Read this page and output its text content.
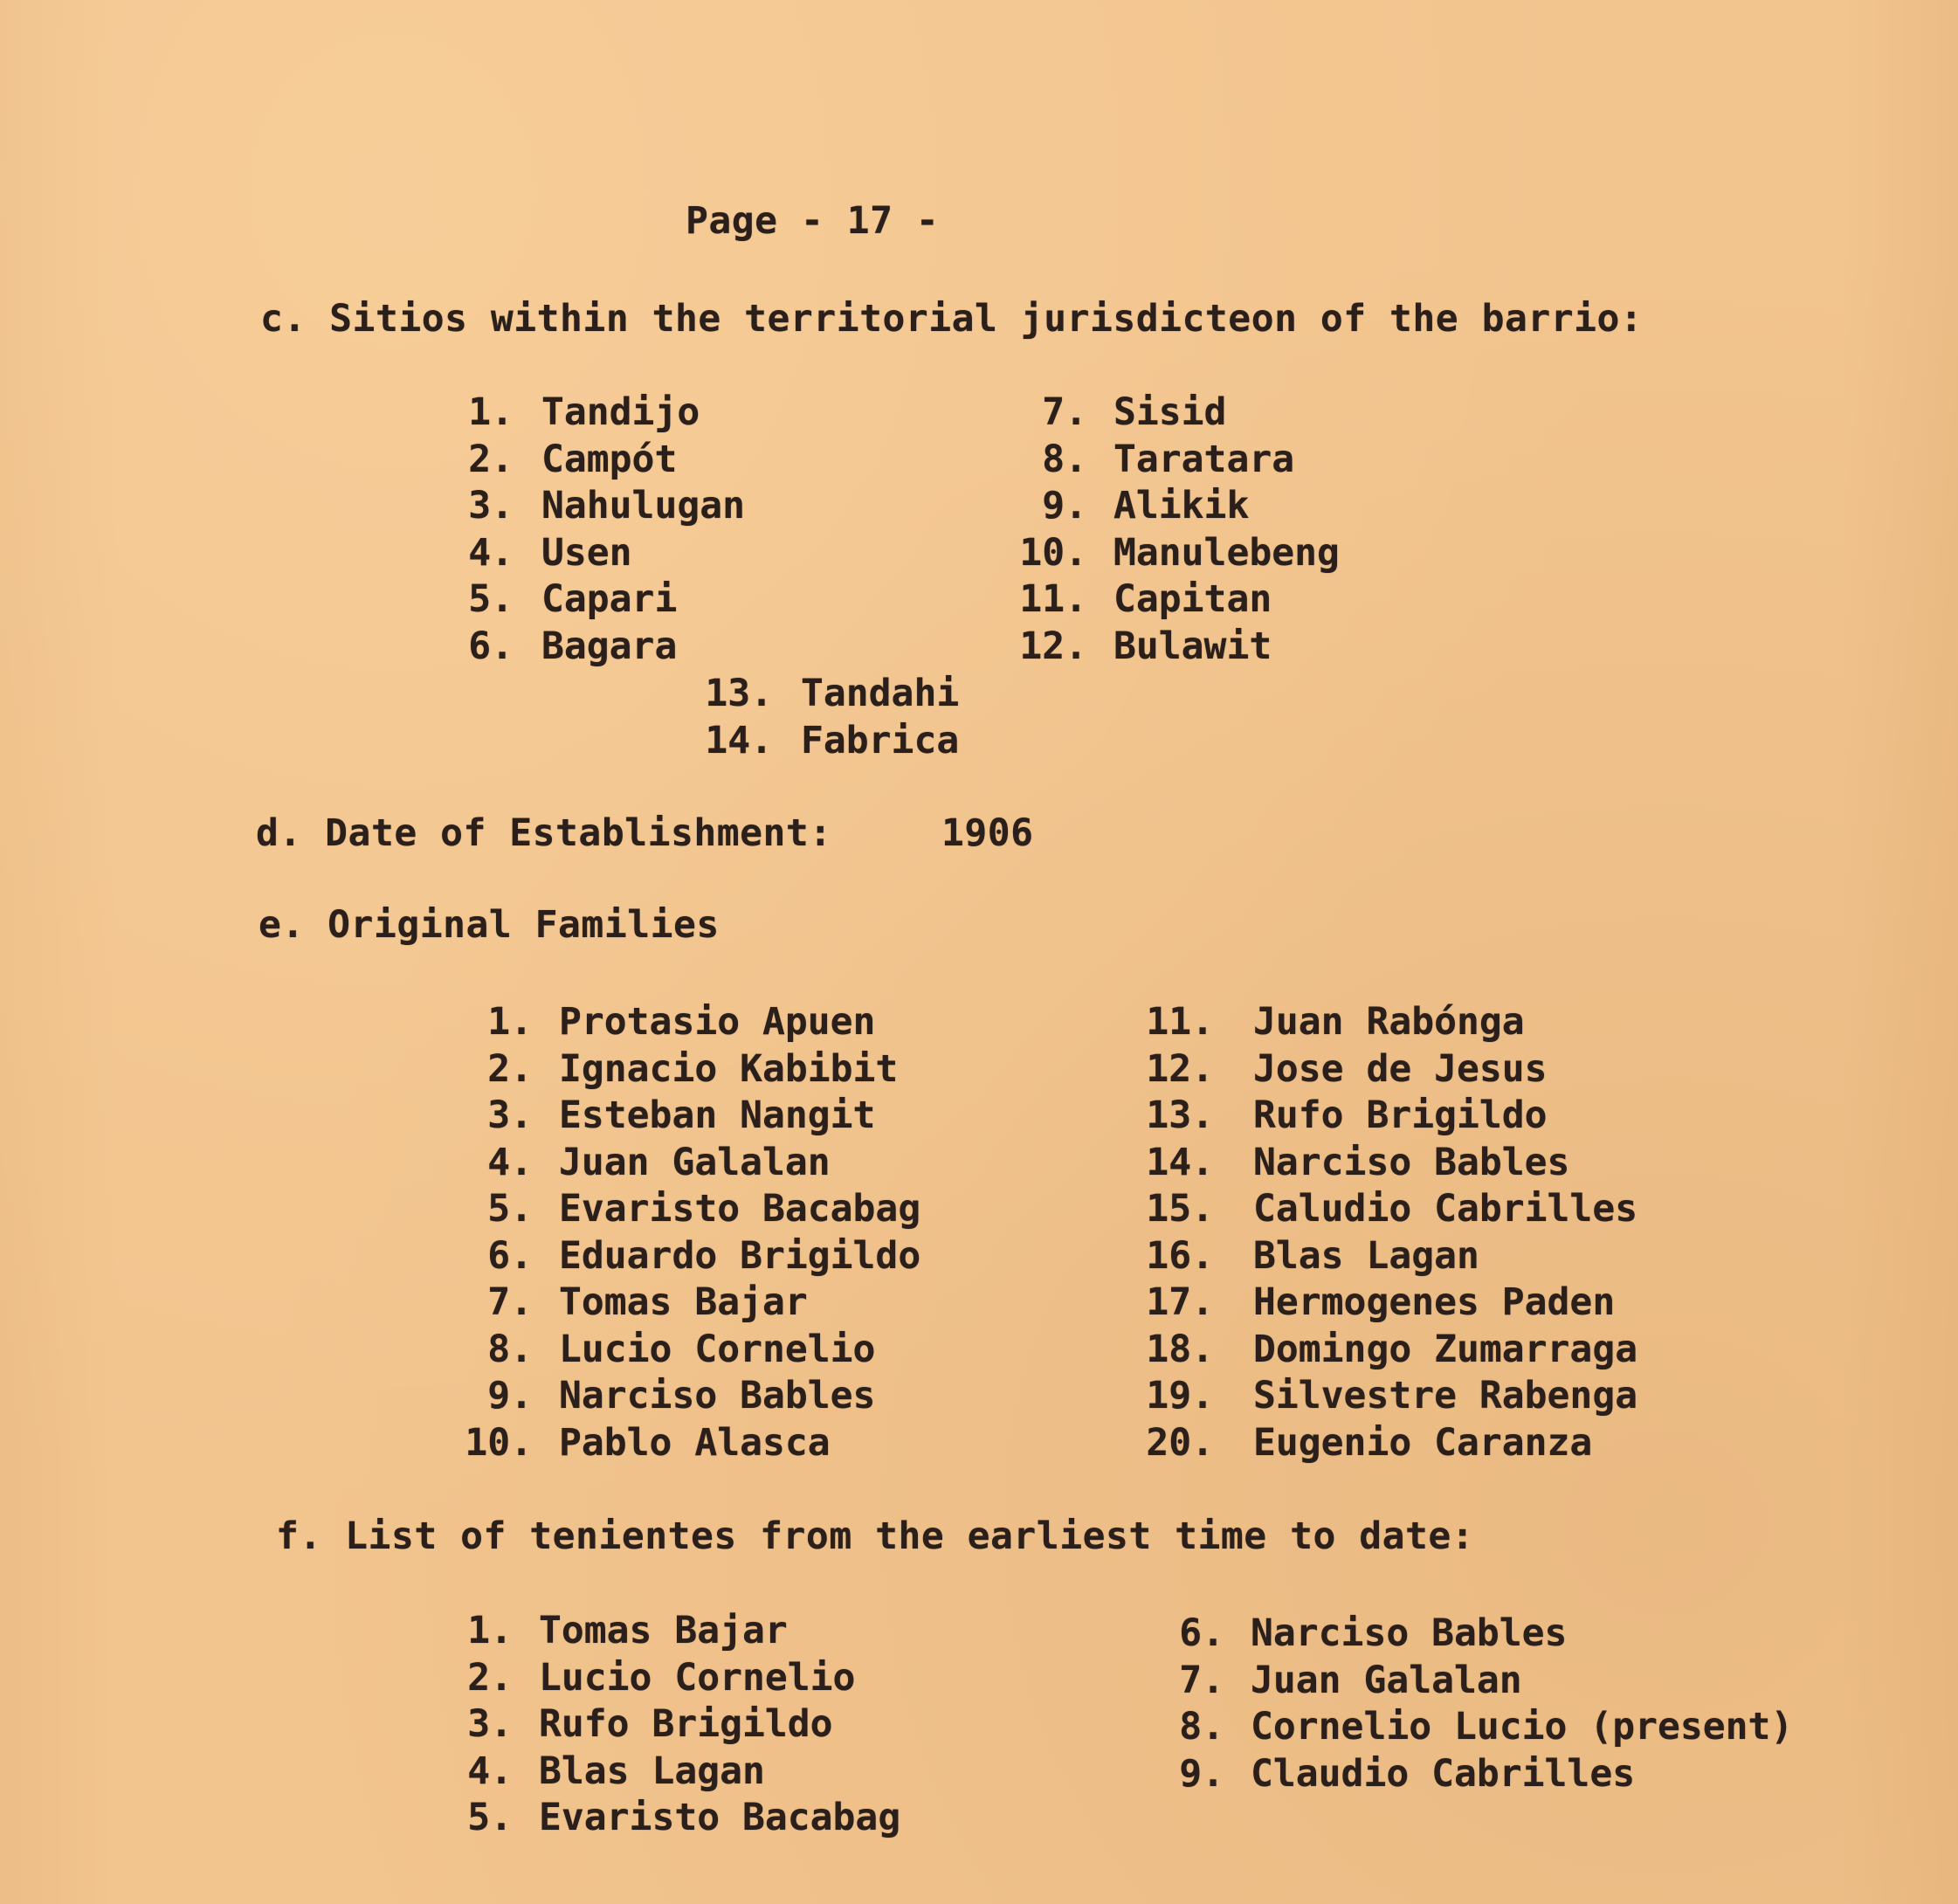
Page - 17 -
c. Sitios within the territorial jurisdicteon of the barrio:
1. Tandijo
2. Campót
3. Nahulugan
4. Usen
5. Capari
6. Bagara
7. Sisid
8. Taratara
9. Alikik
10. Manulebeng
11. Capitan
12. Bulawit
13. Tandahi
14. Fabrica
d. Date of Establishment:	1906
e. Original Families
1. Protasio Apuen
2. Ignacio Kabibit
3. Esteban Nangit
4. Juan Galalan
5. Evaristo Bacabag
6. Eduardo Brigildo
7. Tomas Bajar
8. Lucio Cornelio
9. Narciso Bables
10. Pablo Alasca
11. Juan Rabónga
12. Jose de Jesus
13. Rufo Brigildo
14. Narciso Bables
15. Caludio Cabrilles
16. Blas Lagan
17. Hermogenes Paden
18. Domingo Zumarraga
19. Silvestre Rabenga
20. Eugenio Caranza
f. List of tenientes from the earliest time to date:
1. Tomas Bajar
2. Lucio Cornelio
3. Rufo Brigildo
4. Blas Lagan
5. Evaristo Bacabag
6. Narciso Bables
7. Juan Galalan
8. Cornelio Lucio (present)
9. Claudio Cabrilles
